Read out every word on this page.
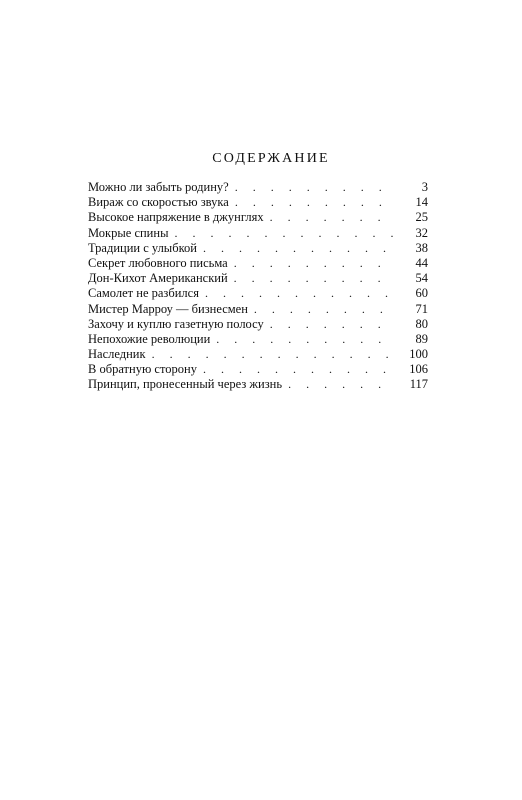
СОДЕРЖАНИЕ
Можно ли забыть родину? . . .	3
Вираж со скоростью звука . . .	14
Высокое напряжение в джунглях . . .	25
Мокрые спины . . .	32
Традиции с улыбкой . . .	38
Секрет любовного письма . . .	44
Дон-Кихот Американский . . .	54
Самолет не разбился . . .	60
Мистер Марроу — бизнесмен . . .	71
Захочу и куплю газетную полосу . . .	80
Непохожие революции . . .	89
Наследник . . .	100
В обратную сторону . . .	106
Принцип, пронесенный через жизнь . . .	117
